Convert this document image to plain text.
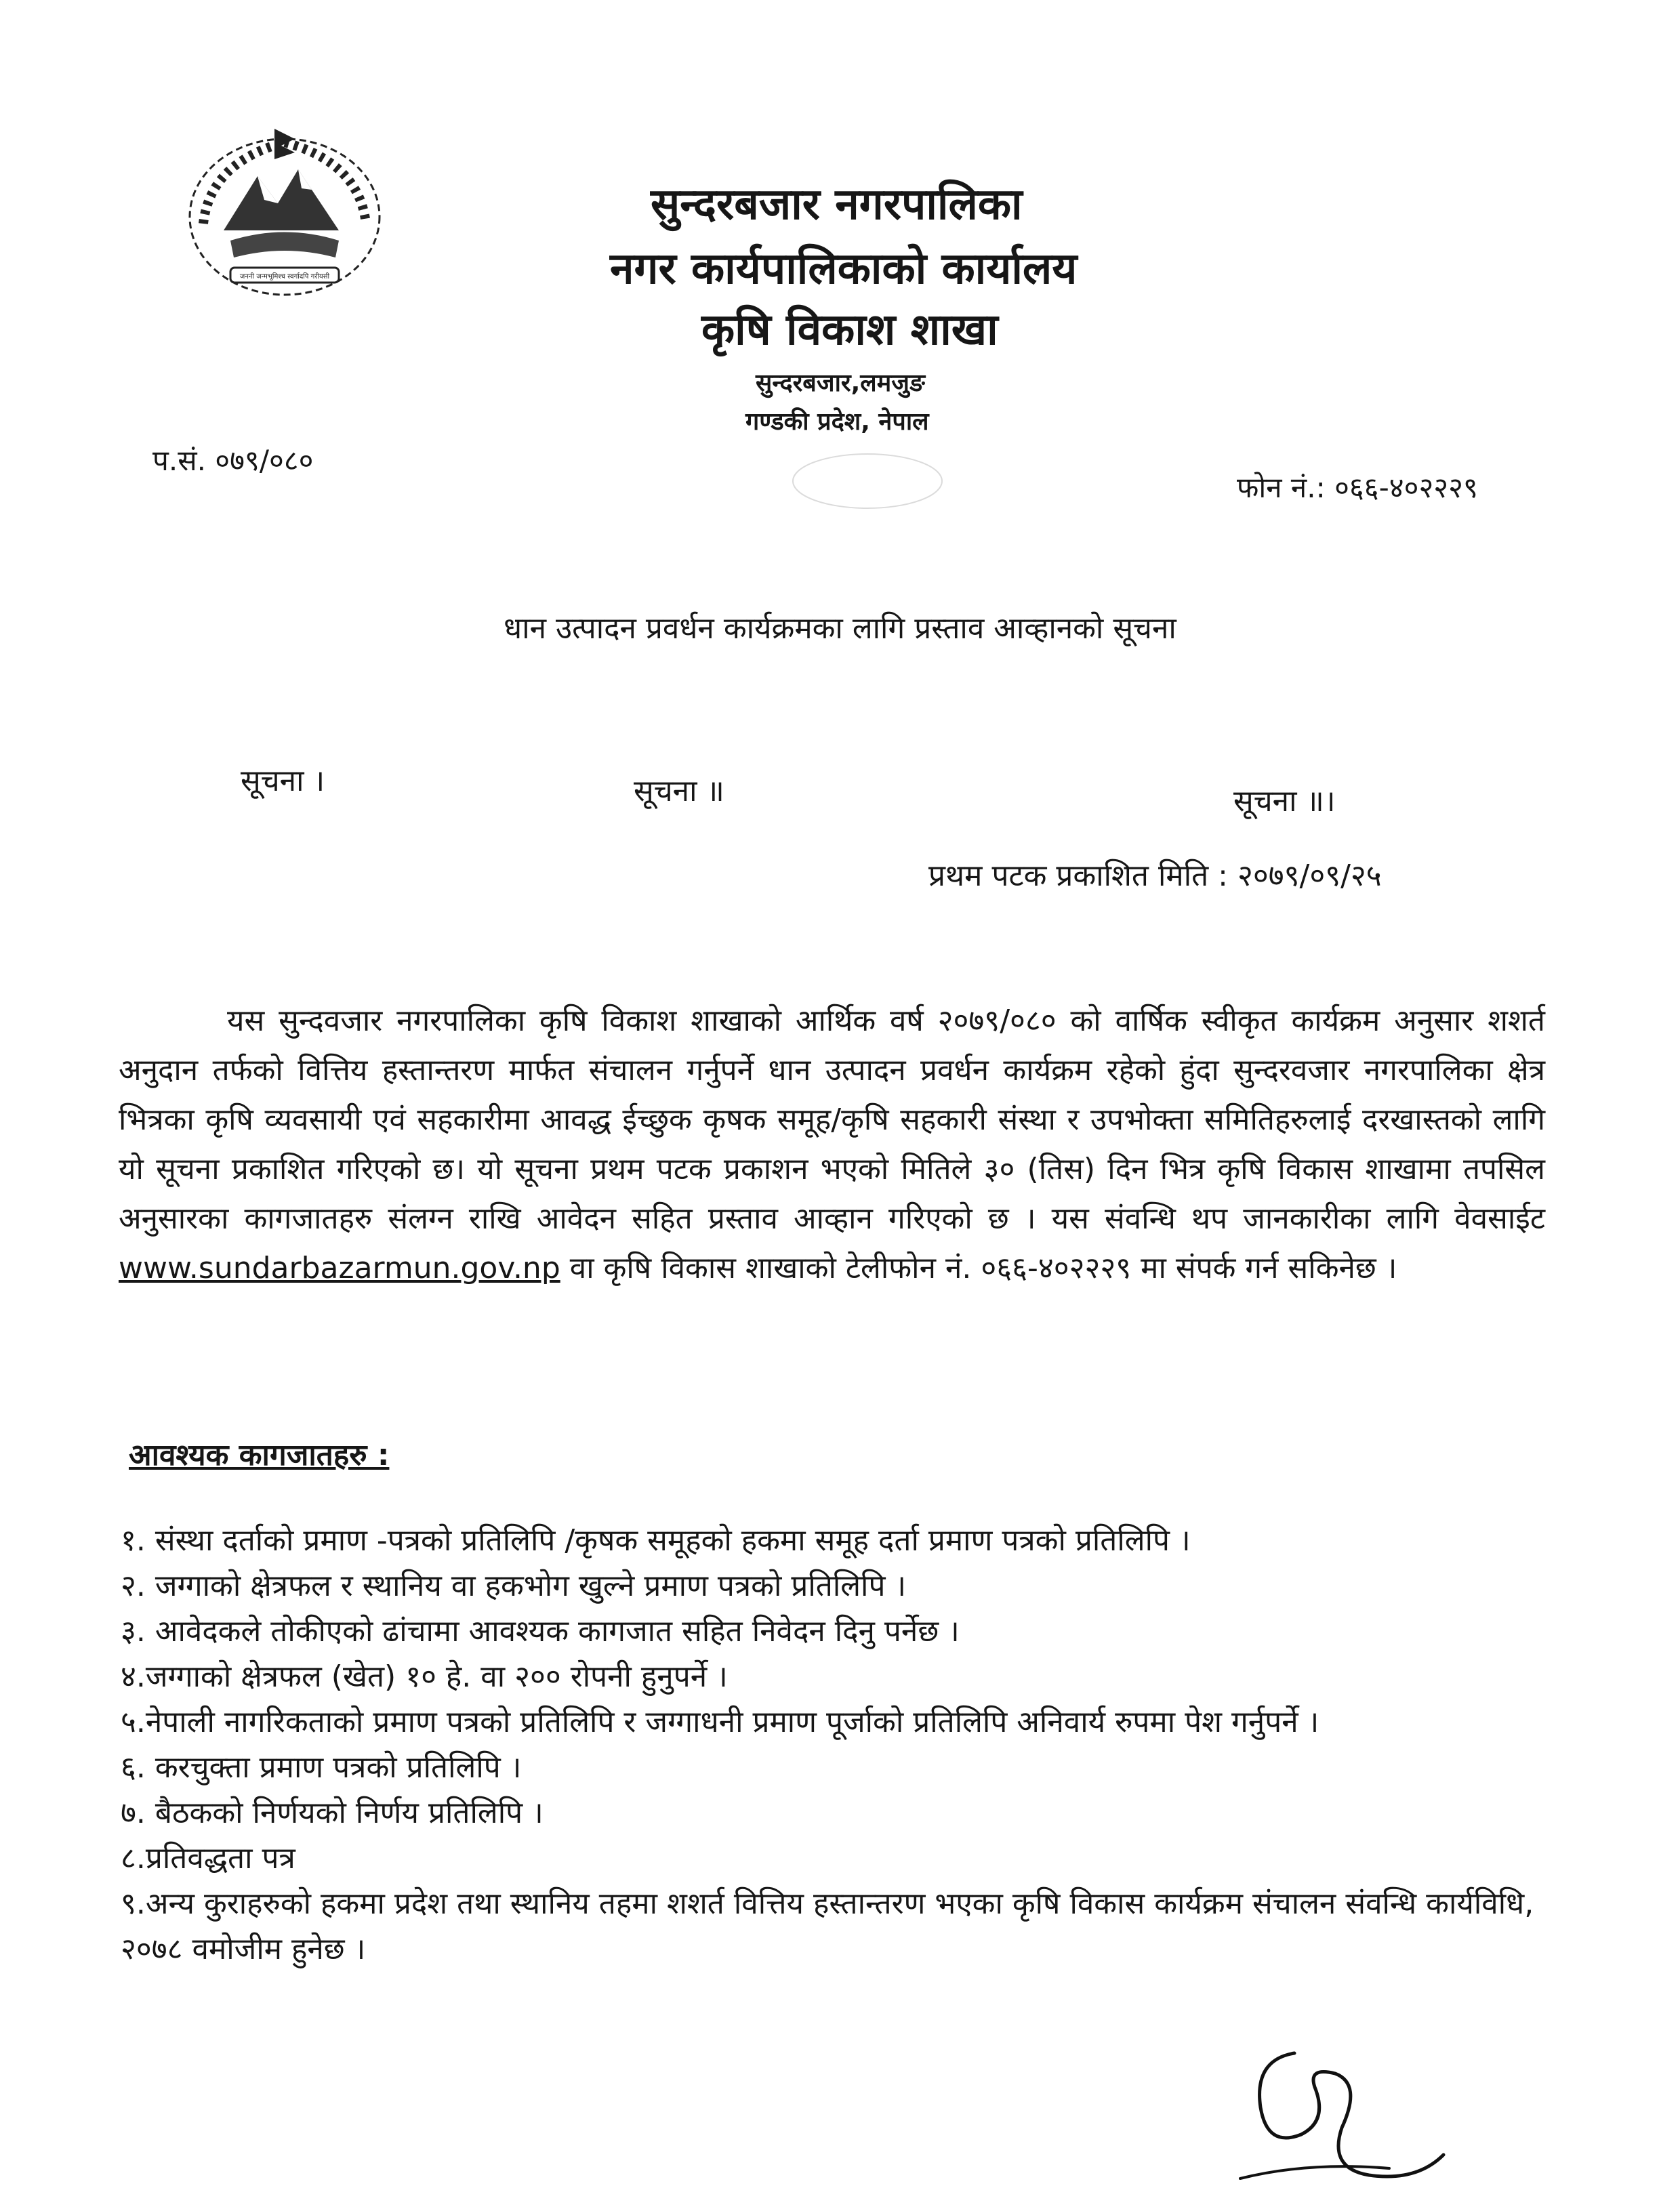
जननी जन्मभूमिश्च स्वर्गादपि गरीयसी
सुन्दरबजार नगरपालिका
नगर कार्यपालिकाको कार्यालय
कृषि विकाश शाखा
सुन्दरबजार,लमजुङ
गण्डकी प्रदेश, नेपाल
प.सं. ०७९/०८०
फोन नं.: ०६६-४०२२२९
धान उत्पादन प्रवर्धन कार्यक्रमका लागि प्रस्ताव आव्हानको सूचना
सूचना ।	सूचना ॥	सूचना ॥।
प्रथम पटक प्रकाशित मिति : २०७९/०९/२५

यस सुन्दवजार नगरपालिका कृषि विकाश शाखाको आर्थिक वर्ष २०७९/०८० को वार्षिक स्वीकृत कार्यक्रम अनुसार शशर्त अनुदान तर्फको वित्तिय हस्तान्तरण मार्फत संचालन गर्नुपर्ने धान उत्पादन प्रवर्धन कार्यक्रम रहेको हुंदा सुन्दरवजार नगरपालिका क्षेत्र भित्रका कृषि व्यवसायी एवं सहकारीमा आवद्ध ईच्छुक कृषक समूह/कृषि सहकारी संस्था र उपभोक्ता समितिहरुलाई दरखास्तको लागि यो सूचना प्रकाशित गरिएको छ। यो सूचना प्रथम पटक प्रकाशन भएको मितिले ३० (तिस) दिन भित्र कृषि विकास शाखामा तपसिल अनुसारका कागजातहरु संलग्न राखि आवेदन सहित प्रस्ताव आव्हान गरिएको छ । यस संवन्धि थप जानकारीका लागि वेवसाईट www.sundarbazarmun.gov.np वा कृषि विकास शाखाको टेलीफोन नं. ०६६-४०२२२९ मा संपर्क गर्न सकिनेछ ।

आवश्यक कागजातहरु :

१. संस्था दर्ताको प्रमाण -पत्रको प्रतिलिपि /कृषक समूहको हकमा समूह दर्ता प्रमाण पत्रको प्रतिलिपि ।

२. जग्गाको क्षेत्रफल र स्थानिय वा हकभोग खुल्ने प्रमाण पत्रको प्रतिलिपि ।

३. आवेदकले तोकीएको ढांचामा आवश्यक कागजात सहित निवेदन दिनु पर्नेछ ।

४.जग्गाको क्षेत्रफल (खेत) १० हे. वा २०० रोपनी हुनुपर्ने ।

५.नेपाली नागरिकताको प्रमाण पत्रको प्रतिलिपि र जग्गाधनी प्रमाण पूर्जाको प्रतिलिपि अनिवार्य रुपमा पेश गर्नुपर्ने ।

६. करचुक्ता प्रमाण पत्रको प्रतिलिपि ।

७. बैठकको निर्णयको निर्णय प्रतिलिपि ।

८.प्रतिवद्धता पत्र

९.अन्य कुराहरुको हकमा प्रदेश तथा स्थानिय तहमा शशर्त वित्तिय हस्तान्तरण भएका कृषि विकास कार्यक्रम संचालन संवन्धि कार्यविधि, २०७८ वमोजीम हुनेछ ।
